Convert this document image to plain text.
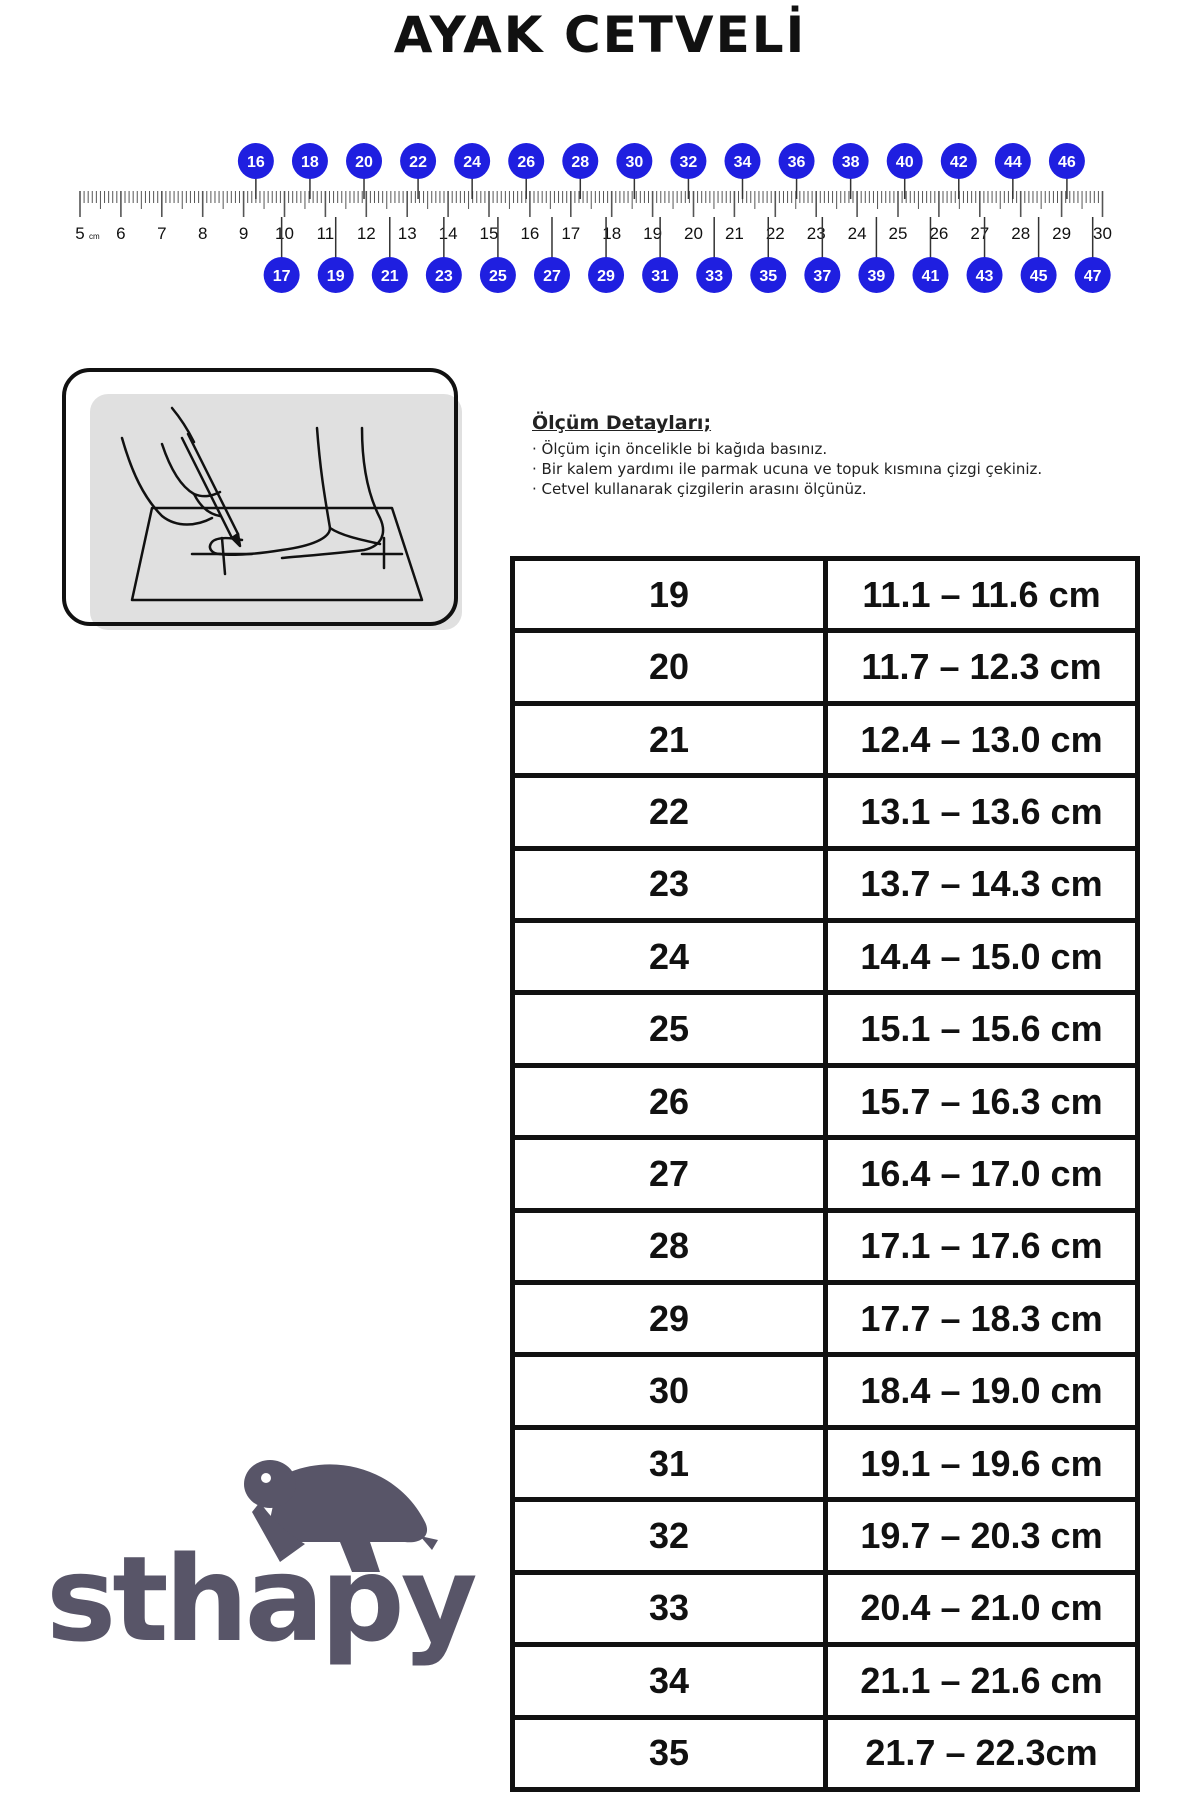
AYAK CETVELİ
5 6 7 8 9 10 11 12 13 14 15 16 17 18 19 20 21 22 23 24 25 26 27 28 29 30
cm
16 18 20 22 24 26 28 30 32 34 36 38 40 42 44 46
17 19 21 23 25 27 29 31 33 35 37 39 41 43 45 47
Ölçüm Detayları;
· Ölçüm için öncelikle bi kağıda basınız.
· Bir kalem yardımı ile parmak ucuna ve topuk kısmına çizgi çekiniz.
· Cetvel kullanarak çizgilerin arasını ölçünüz.
19	11.1 – 11.6 cm
20	11.7 – 12.3 cm
21	12.4 – 13.0 cm
22	13.1 – 13.6 cm
23	13.7 – 14.3 cm
24	14.4 – 15.0 cm
25	15.1 – 15.6 cm
26	15.7 – 16.3 cm
27	16.4 – 17.0 cm
28	17.1 – 17.6 cm
29	17.7 – 18.3 cm
30	18.4 – 19.0 cm
31	19.1 – 19.6 cm
32	19.7 – 20.3 cm
33	20.4 – 21.0 cm
34	21.1 – 21.6 cm
35	21.7 – 22.3cm
sthapy
